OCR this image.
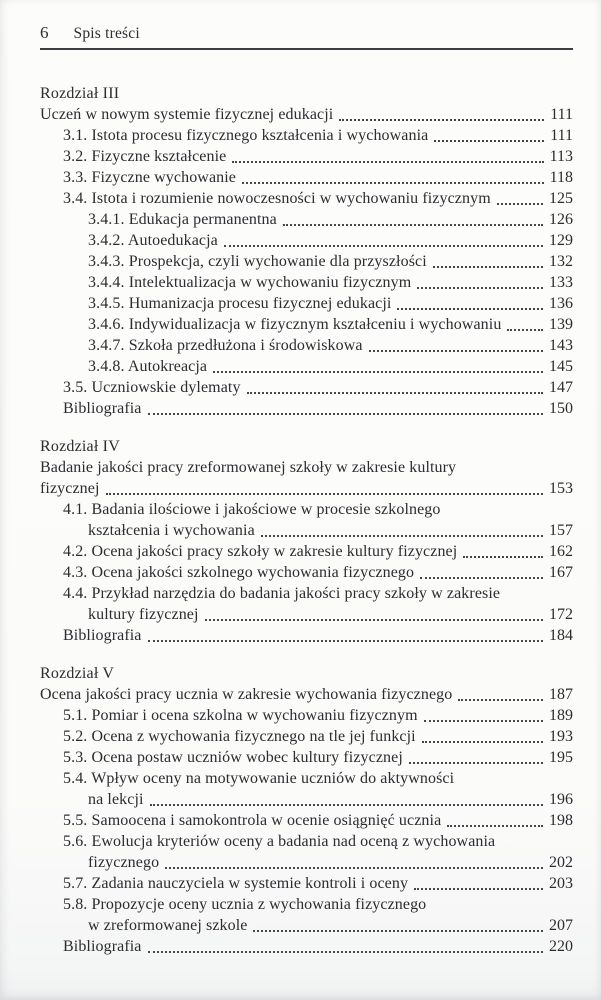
6 Spis treści
Rozdział III
Uczeń w nowym systemie fizycznej edukacji	111
3.1. Istota procesu fizycznego kształcenia i wychowania	111
3.2. Fizyczne kształcenie	113
3.3. Fizyczne wychowanie	118
3.4. Istota i rozumienie nowoczesności w wychowaniu fizycznym	125
3.4.1. Edukacja permanentna	126
3.4.2. Autoedukacja	129
3.4.3. Prospekcja, czyli wychowanie dla przyszłości	132
3.4.4. Intelektualizacja w wychowaniu fizycznym	133
3.4.5. Humanizacja procesu fizycznej edukacji	136
3.4.6. Indywidualizacja w fizycznym kształceniu i wychowaniu	139
3.4.7. Szkoła przedłużona i środowiskowa	143
3.4.8. Autokreacja	145
3.5. Uczniowskie dylematy	147
Bibliografia	150
Rozdział IV
Badanie jakości pracy zreformowanej szkoły w zakresie kultury
fizycznej	153
4.1. Badania ilościowe i jakościowe w procesie szkolnego
kształcenia i wychowania	157
4.2. Ocena jakości pracy szkoły w zakresie kultury fizycznej	162
4.3. Ocena jakości szkolnego wychowania fizycznego	167
4.4. Przykład narzędzia do badania jakości pracy szkoły w zakresie
kultury fizycznej	172
Bibliografia	184
Rozdział V
Ocena jakości pracy ucznia w zakresie wychowania fizycznego	187
5.1. Pomiar i ocena szkolna w wychowaniu fizycznym	189
5.2. Ocena z wychowania fizycznego na tle jej funkcji	193
5.3. Ocena postaw uczniów wobec kultury fizycznej	195
5.4. Wpływ oceny na motywowanie uczniów do aktywności
na lekcji	196
5.5. Samoocena i samokontrola w ocenie osiągnięć ucznia	198
5.6. Ewolucja kryteriów oceny a badania nad oceną z wychowania
fizycznego	202
5.7. Zadania nauczyciela w systemie kontroli i oceny	203
5.8. Propozycje oceny ucznia z wychowania fizycznego
w zreformowanej szkole	207
Bibliografia	220
